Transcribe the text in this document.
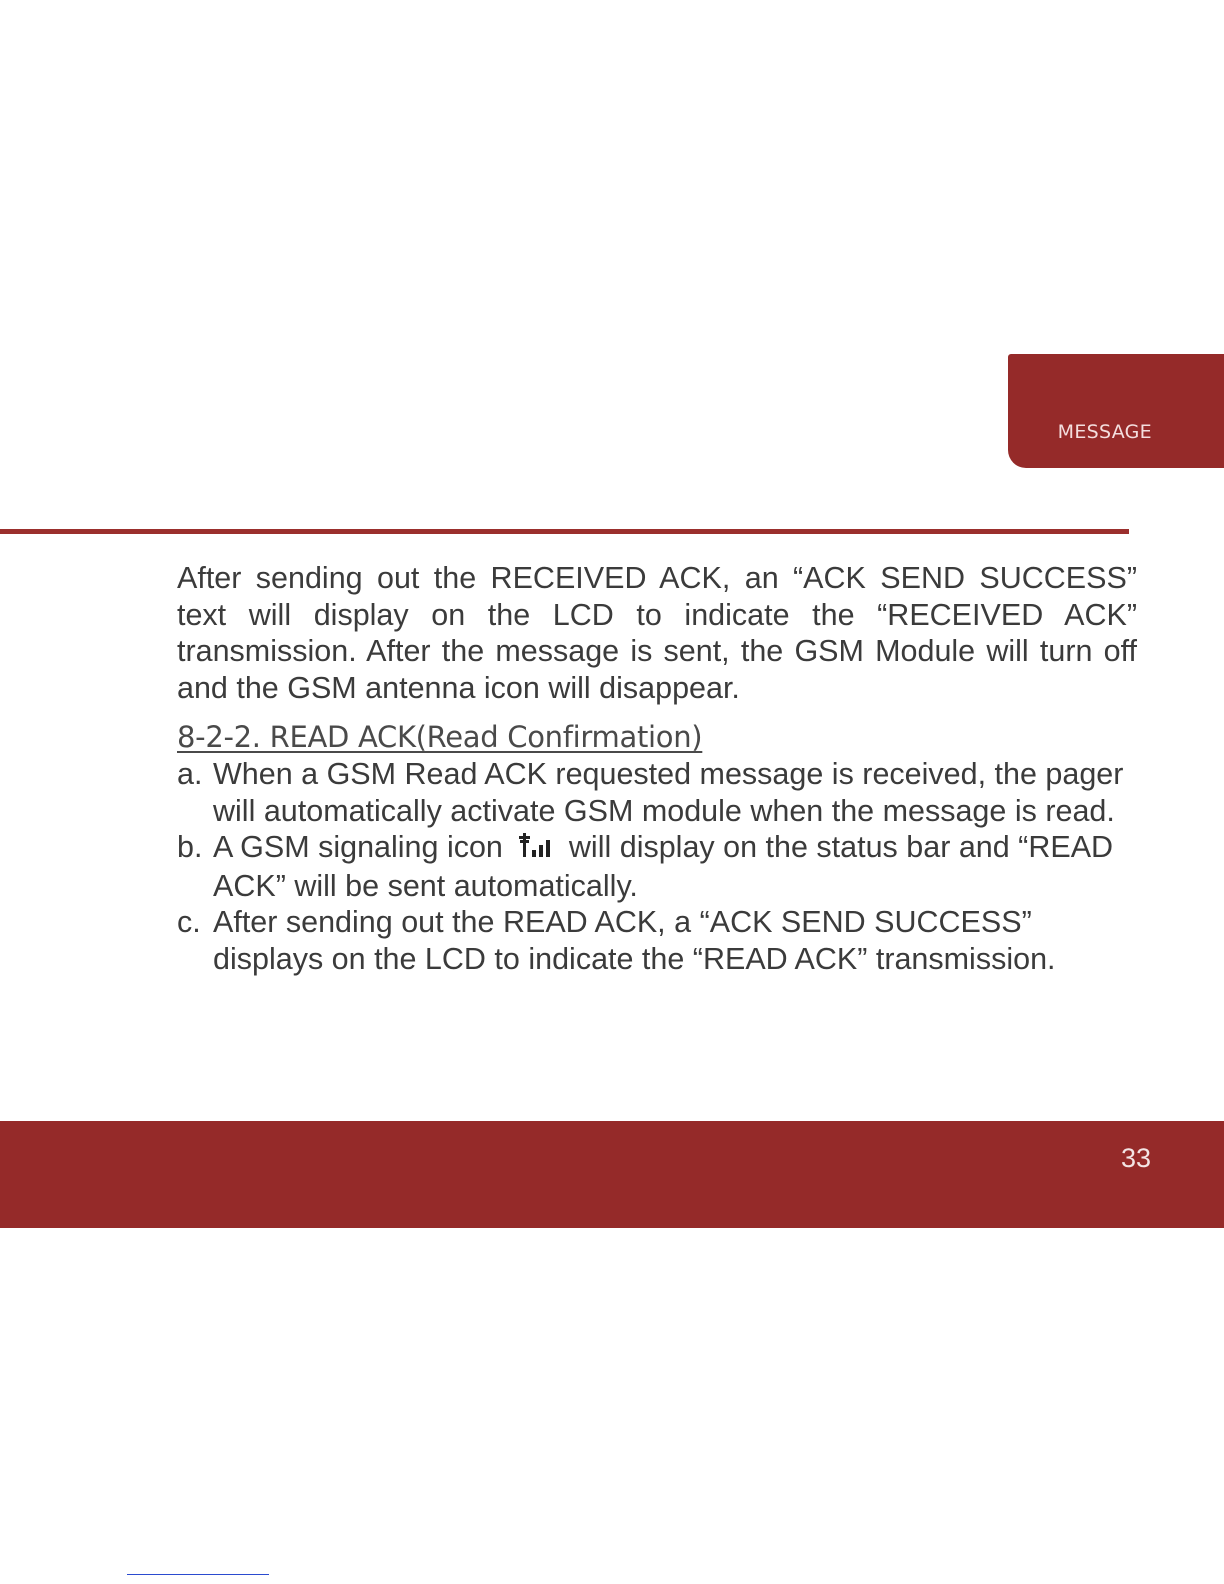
MESSAGE

After sending out the RECEIVED ACK, an “ACK SEND SUCCESS” text will display on the LCD to indicate the “RECEIVED ACK” transmission. After the message is sent, the GSM Module will turn off and the GSM antenna icon will disappear.

8-2-2. READ ACK(Read Confirmation)
a. When a GSM Read ACK requested message is received, the pager will automatically activate GSM module when the message is read.
b. A GSM signaling icon will display on the status bar and “READ ACK” will be sent automatically.
c. After sending out the READ ACK, a “ACK SEND SUCCESS” displays on the LCD to indicate the “READ ACK” transmission.
33
